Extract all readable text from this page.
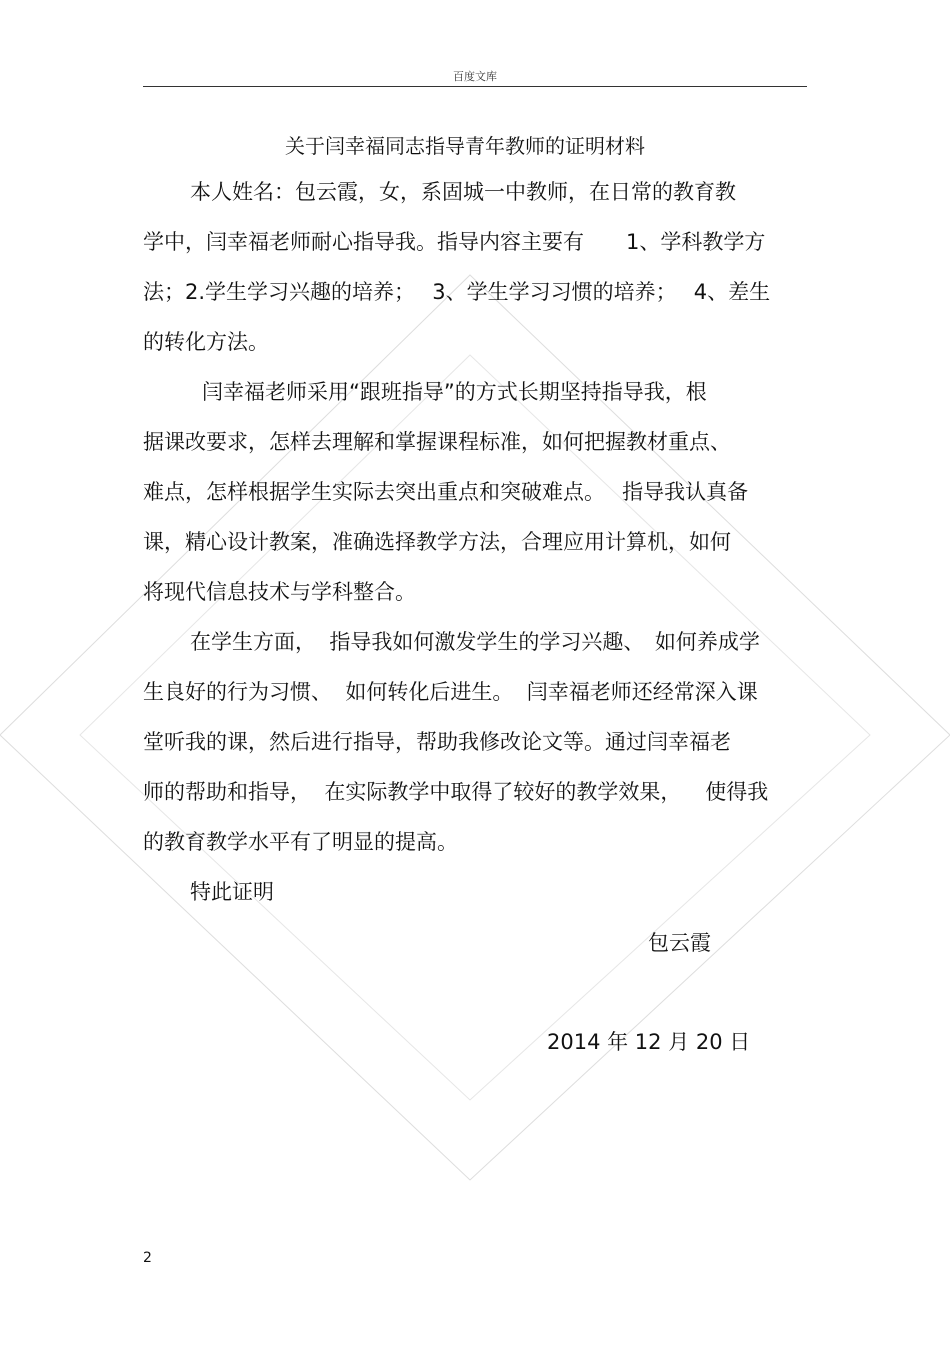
百度文库
关于闫幸福同志指导青年教师的证明材料
本人姓名：包云霞，女，系固城一中教师，在日常的教育教
学中，闫幸福老师耐心指导我。指导内容主要有　　1、学科教学方
法；2.学生学习兴趣的培养；　 3、学生学习习惯的培养；　 4、差生
的转化方法。
闫幸福老师采用“跟班指导”的方式长期坚持指导我，根
据课改要求，怎样去理解和掌握课程标准，如何把握教材重点、
难点，怎样根据学生实际去突出重点和突破难点。　 指导我认真备
课，精心设计教案，准确选择教学方法，合理应用计算机，如何
将现代信息技术与学科整合。
在学生方面，  指导我如何激发学生的学习兴趣、　如何养成学
生良好的行为习惯、  如何转化后进生。  闫幸福老师还经常深入课
堂听我的课，然后进行指导，帮助我修改论文等。通过闫幸福老
师的帮助和指导，  在实际教学中取得了较好的教学效果，　  使得我
的教育教学水平有了明显的提高。
特此证明
包云霞
2014 年 12 月 20 日
2
